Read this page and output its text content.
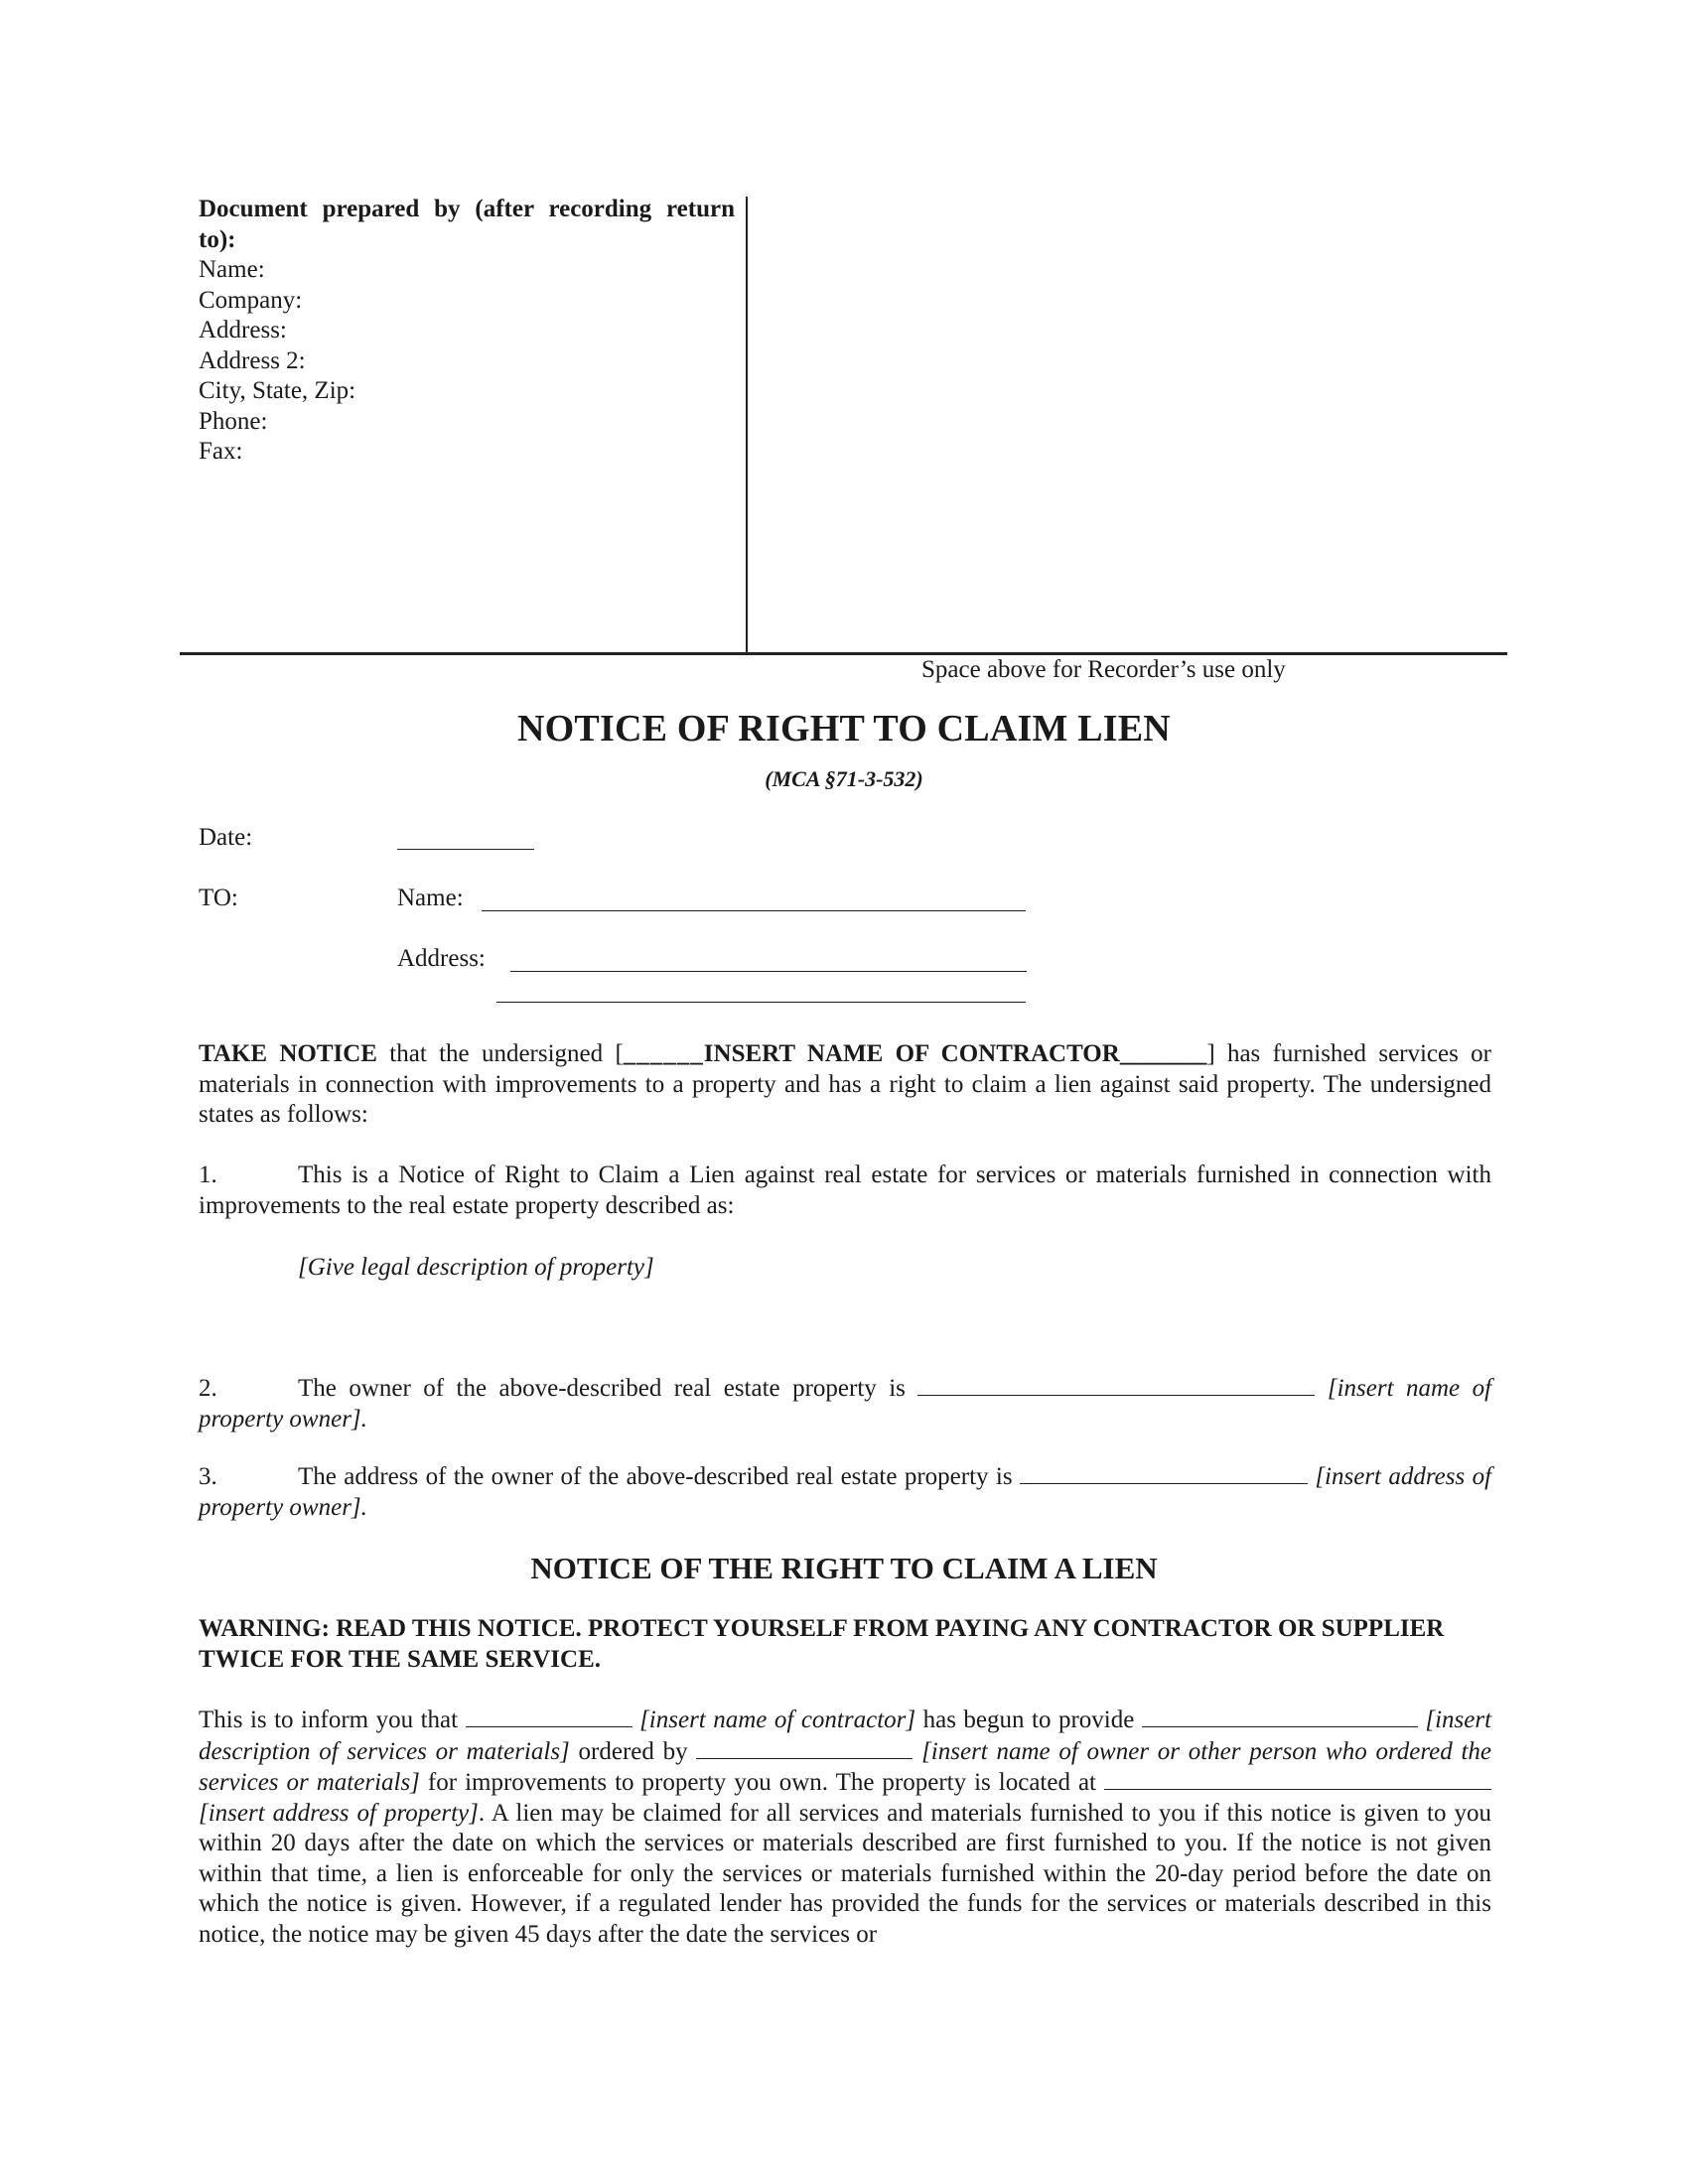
Document prepared by (after recording return to):
Name:
Company:
Address:
Address 2:
City, State, Zip:
Phone:
Fax:
Space above for Recorder’s use only
NOTICE OF RIGHT TO CLAIM LIEN
(MCA §71-3-532)
Date:
TO:	Name:
Address:
TAKE NOTICE that the undersigned [______INSERT NAME OF CONTRACTOR_______] has furnished services or materials in connection with improvements to a property and has a right to claim a lien against said property. The undersigned states as follows:
1.	This is a Notice of Right to Claim a Lien against real estate for services or materials furnished in connection with improvements to the real estate property described as:
[Give legal description of property]
2.	The owner of the above-described real estate property is	[insert name of property owner].
3.	The address of the owner of the above-described real estate property is	[insert address of property owner].
NOTICE OF THE RIGHT TO CLAIM A LIEN
WARNING: READ THIS NOTICE. PROTECT YOURSELF FROM PAYING ANY CONTRACTOR OR SUPPLIER TWICE FOR THE SAME SERVICE.
This is to inform you that	[insert name of contractor] has begun to provide	[insert description of services or materials] ordered by	[insert name of owner or other person who ordered the services or materials] for improvements to property you own. The property is located at  [insert address of property]. A lien may be claimed for all services and materials furnished to you if this notice is given to you within 20 days after the date on which the services or materials described are first furnished to you. If the notice is not given within that time, a lien is enforceable for only the services or materials furnished within the 20-day period before the date on which the notice is given. However, if a regulated lender has provided the funds for the services or materials described in this notice, the notice may be given 45 days after the date the services or
